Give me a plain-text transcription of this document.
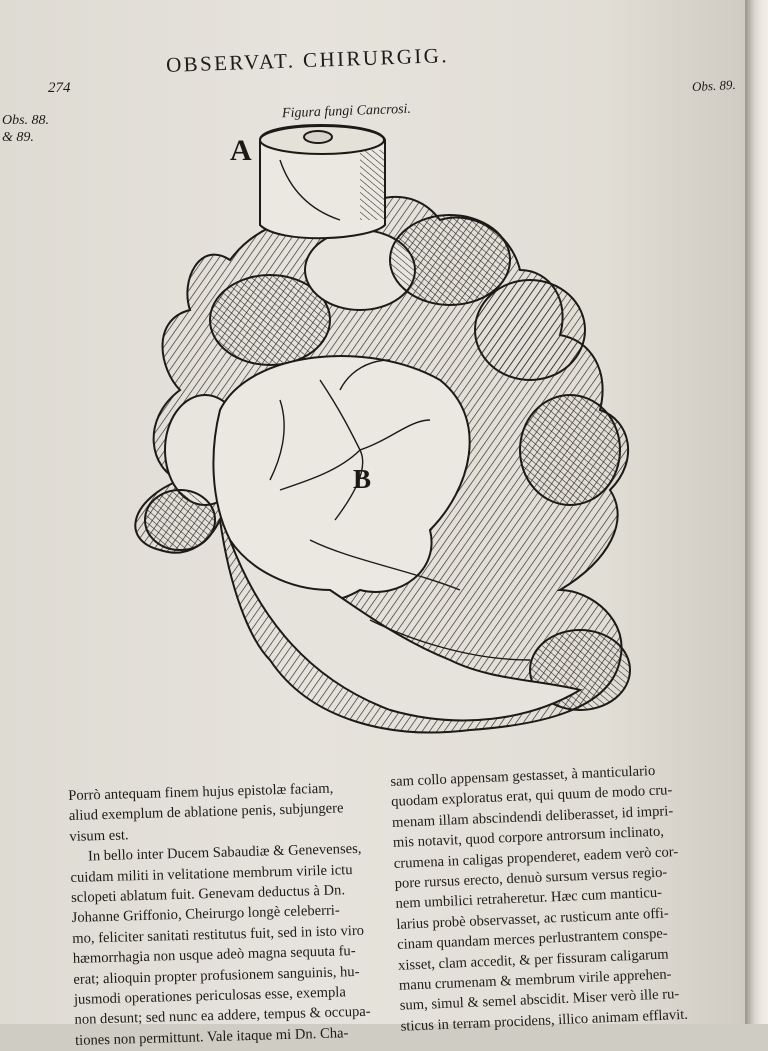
274
OBSERVAT. CHIRURGIG.
Obs. 89.
Obs. 88.
& 89.
Figura fungi Cancrosi.
A
B
Porrò antequam finem hujus epistolæ faciam,
aliud exemplum de ablatione penis, subjungere
visum est.
In bello inter Ducem Sabaudiæ & Genevenses,
cuidam militi in velitatione membrum virile ictu
sclopeti ablatum fuit. Genevam deductus à Dn.
Johanne Griffonio, Cheirurgo longè celeberri-
mo, feliciter sanitati restitutus fuit, sed in isto viro
hæmorrhagia non usque adeò magna sequuta fu-
erat; alioquin propter profusionem sanguinis, hu-
jusmodi operationes periculosas esse, exempla
non desunt; sed nunc ea addere, tempus & occupa-
tiones non permittunt. Vale itaque mi Dn. Cha-
sam collo appensam gestasset, à manticulario
quodam exploratus erat, qui quum de modo cru-
menam illam abscindendi deliberasset, id impri-
mis notavit, quod corpore antrorsum inclinato,
crumena in caligas propenderet, eadem verò cor-
pore rursus erecto, denuò sursum versus regio-
nem umbilici retraheretur. Hæc cum manticu-
larius probè observasset, ac rusticum ante offi-
cinam quandam merces perlustrantem conspe-
xisset, clam accedit, & per fissuram caligarum
manu crumenam & membrum virile apprehen-
sum, simul & semel abscidit. Miser verò ille ru-
sticus in terram procidens, illico animam efflavit.
